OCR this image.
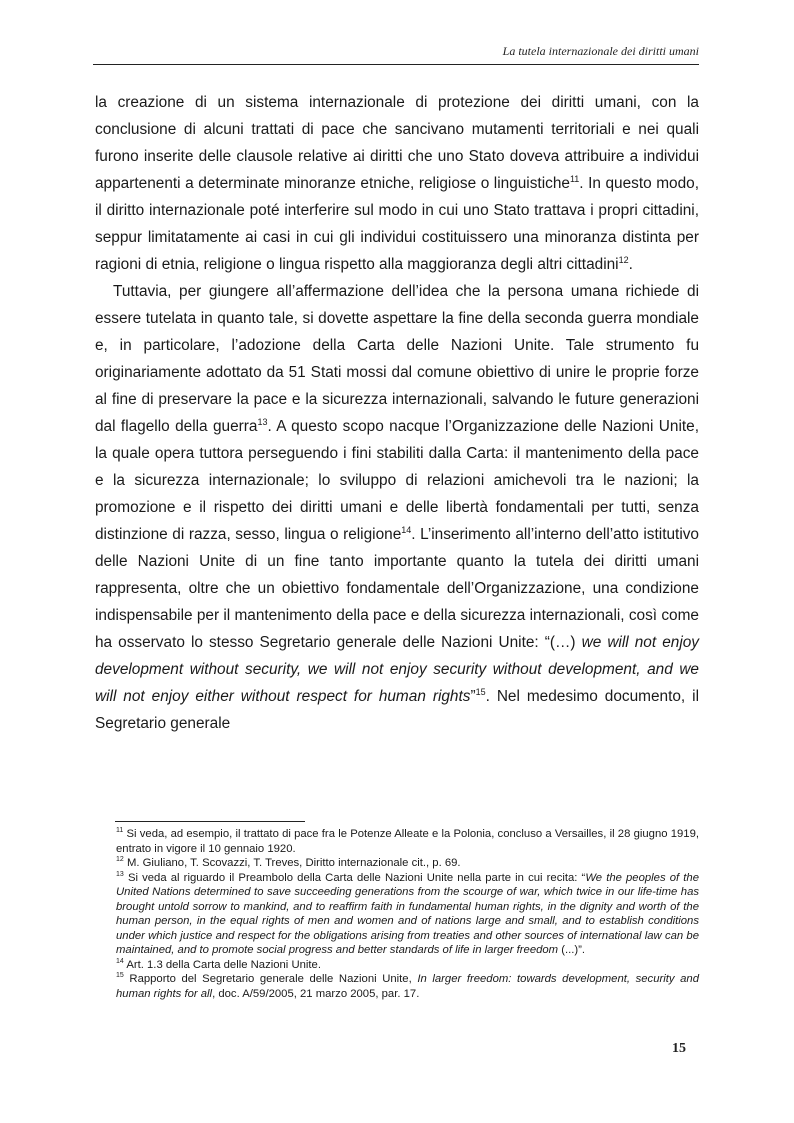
La tutela internazionale dei diritti umani

la creazione di un sistema internazionale di protezione dei diritti umani, con la conclusione di alcuni trattati di pace che sancivano mutamenti territoriali e nei quali furono inserite delle clausole relative ai diritti che uno Stato doveva attribuire a individui appartenenti a determinate minoranze etniche, religiose o linguistiche$^{11}$. In questo modo, il diritto internazionale poté interferire sul modo in cui uno Stato trattava i propri cittadini, seppur limitatamente ai casi in cui gli individui costituissero una minoranza distinta per ragioni di etnia, religione o lingua rispetto alla maggioranza degli altri cittadini$^{12}$.

Tuttavia, per giungere all’affermazione dell’idea che la persona umana richiede di essere tutelata in quanto tale, si dovette aspettare la fine della seconda guerra mondiale e, in particolare, l’adozione della Carta delle Nazioni Unite. Tale strumento fu originariamente adottato da 51 Stati mossi dal comune obiettivo di unire le proprie forze al fine di preservare la pace e la sicurezza internazionali, salvando le future generazioni dal flagello della guerra$^{13}$. A questo scopo nacque l’Organizzazione delle Nazioni Unite, la quale opera tuttora perseguendo i fini stabiliti dalla Carta: il mantenimento della pace e la sicurezza internazionale; lo sviluppo di relazioni amichevoli tra le nazioni; la promozione e il rispetto dei diritti umani e delle libertà fondamentali per tutti, senza distinzione di razza, sesso, lingua o religione$^{14}$. L’inserimento all’interno dell’atto istitutivo delle Nazioni Unite di un fine tanto importante quanto la tutela dei diritti umani rappresenta, oltre che un obiettivo fondamentale dell’Organizzazione, una condizione indispensabile per il mantenimento della pace e della sicurezza internazionali, così come ha osservato lo stesso Segretario generale delle Nazioni Unite: “(…) we will not enjoy development without security, we will not enjoy security without development, and we will not enjoy either without respect for human rights”$^{15}$. Nel medesimo documento, il Segretario generale

$^{11}$ Si veda, ad esempio, il trattato di pace fra le Potenze Alleate e la Polonia, concluso a Versailles, il 28 giugno 1919, entrato in vigore il 10 gennaio 1920.

$^{12}$ M. Giuliano, T. Scovazzi, T. Treves, Diritto internazionale cit., p. 69.

$^{13}$ Si veda al riguardo il Preambolo della Carta delle Nazioni Unite nella parte in cui recita: “We the peoples of the United Nations determined to save succeeding generations from the scourge of war, which twice in our life-time has brought untold sorrow to mankind, and to reaffirm faith in fundamental human rights, in the dignity and worth of the human person, in the equal rights of men and women and of nations large and small, and to establish conditions under which justice and respect for the obligations arising from treaties and other sources of international law can be maintained, and to promote social progress and better standards of life in larger freedom (...)”.

$^{14}$ Art. 1.3 della Carta delle Nazioni Unite.

$^{15}$ Rapporto del Segretario generale delle Nazioni Unite, In larger freedom: towards development, security and human rights for all, doc. A/59/2005, 21 marzo 2005, par. 17.

15
